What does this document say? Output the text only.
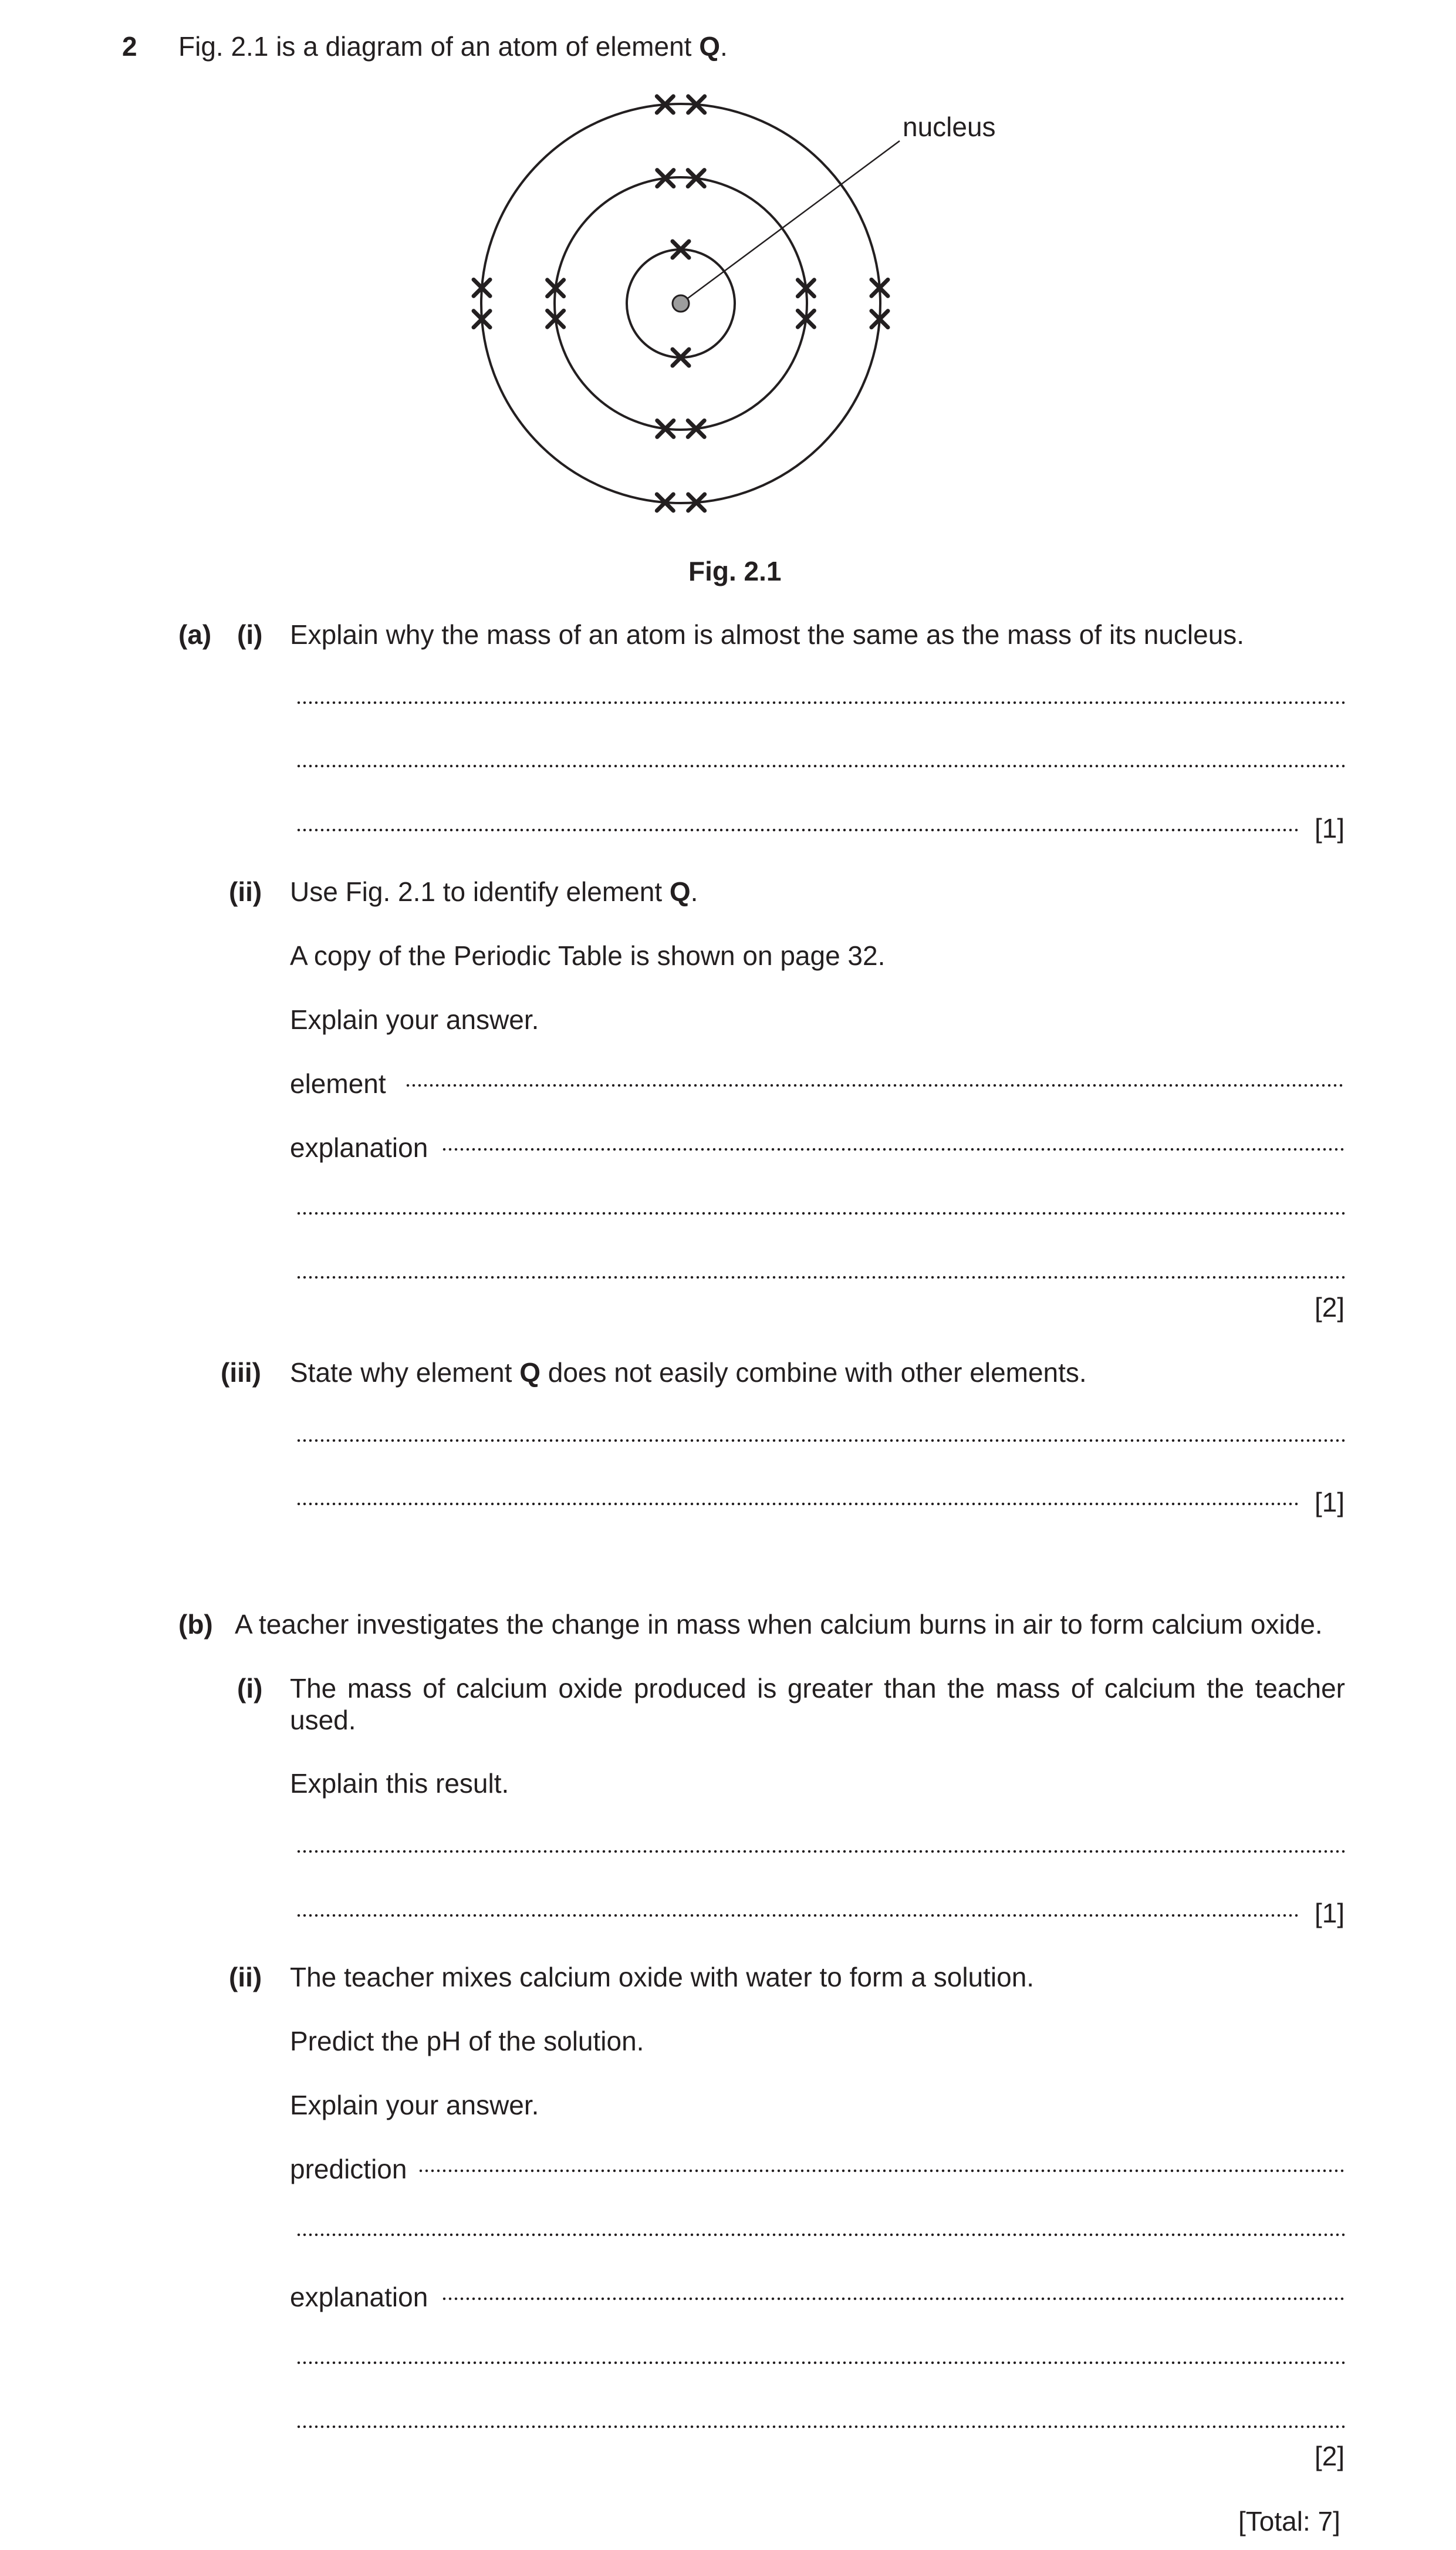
2 Fig. 2.1 is a diagram of an atom of element Q.
nucleus
Fig. 2.1
(a) (i) Explain why the mass of an atom is almost the same as the mass of its nucleus.
[1]
(ii) Use Fig. 2.1 to identify element Q.
A copy of the Periodic Table is shown on page 32.
Explain your answer.
element
explanation
[2]
(iii) State why element Q does not easily combine with other elements.
[1]
(b) A teacher investigates the change in mass when calcium burns in air to form calcium oxide.
(i) The mass of calcium oxide produced is greater than the mass of calcium the teacher
used.
Explain this result.
[1]
(ii) The teacher mixes calcium oxide with water to form a solution.
Predict the pH of the solution.
Explain your answer.
prediction
explanation
[2]
[Total: 7]
